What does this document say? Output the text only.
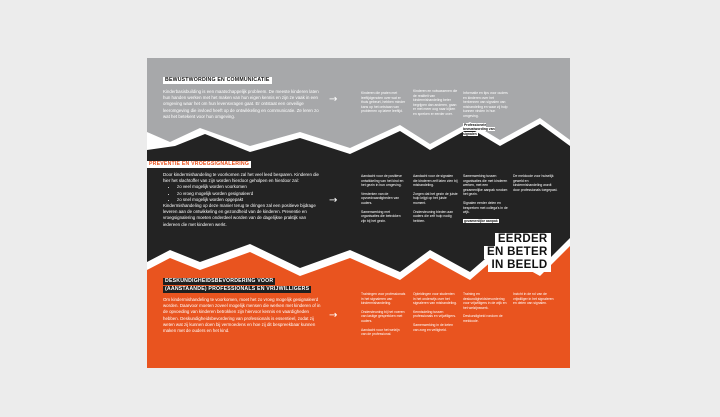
BEWUSTWORDING EN COMMUNICATIE

Kinderbasisbuilding is een maatschappelijk probleem. De meeste kinderen laten hun handen werken met het maken van hun eigen kennis en zijn ze vaak in een omgeving waar het om hun levensvragen gaat. Er ontstaat een onveilige leeromgeving die invloed heeft op de ontwikkeling en communicatie. Ze leren zo wat het betekent voor hun omgeving.

→
Kinderen die praten met leeftijdgenoten over wat er thuis gebeurt, hebben minder kans op het ontstaan van problemen op latere leeftijd.
Kinderen en volwassenen die de realiteit van kindermishandeling beter begrijpen dan anderen, gaan er met meer oog naar kijken en spreken er eerder over.
Informatie en tips voor ouders en kinderen over het herkennen van signalen van mishandeling en waar zij hulp kunnen vinden in hun omgeving.
Professionele bewustwording van signalen
PREVENTIE EN VROEGSIGNALERING

Door kindermishandeling te voorkomen zal het veel leed besparen. Kinderen die hier het slachtoffer van zijn worden hierdoor geholpen en hierdoor zal:

• zo veel mogelijk worden voorkomen
• zo vroeg mogelijk worden gesignaleerd
• zo snel mogelijk worden opgepakt

Kindermishandeling op deze manier terug te dringen zal een positieve bijdrage leveren aan de ontwikkeling en gezondheid van de kinderen. Preventie en vroegsignalering moeten onderdeel worden van de dagelijkse praktijk van iedereen die met kinderen werkt.

→
Aandacht voor de positieve ontwikkeling van het kind en het gezin in hun omgeving.
Versterken van de opvoedvaardigheden van ouders.
Samenwerking met organisaties die betrokken zijn bij het gezin.
Aandacht voor de signalen die kinderen zelf laten zien bij mishandeling.
Zorgen dat het gezin de juiste hulp krijgt op het juiste moment.
Ondersteuning bieden aan ouders die zelf hulp nodig hebben.
Samenwerking tussen organisaties die met kinderen werken, met een gezamenlijke aanpak rondom het gezin.
Signalen eerder delen en bespreken met collega's in de wijk.
gezamenlijke aanpak
De meldcode voor huiselijk geweld en kindermishandeling wordt door professionals toegepast.
EERDER
EN BETER
IN BEELD
DESKUNDIGHEIDSBEVORDERING VOOR
(AANSTAANDE) PROFESSIONALS EN VRIJWILLIGERS

Om kindermishandeling te voorkomen, moet het zo vroeg mogelijk gesignaleerd worden. Daarvoor moeten zoveel mogelijk mensen die werken met kinderen of in de opvoeding van kinderen betrokken zijn hiervoor kennis en vaardigheden hebben. Deskundigheidsbevordering van professionals is essentieel, zodat zij weten wat zij kunnen doen bij vermoedens en hoe zij dit bespreekbaar kunnen maken met de ouders en het kind.

→
Trainingen voor professionals in het signaleren van kindermishandeling.
Ondersteuning bij het voeren van lastige gesprekken met ouders.
Aandacht voor het welzijn van de professional.
Opleidingen voor studenten in het onderwijs over het signaleren van mishandeling.
Kennisdeling tussen professionals en vrijwilligers.
Samenwerking in de keten van zorg en veiligheid.
Training en deskundigheidsbevordering voor vrijwilligers in de wijk en het welzijnswerk.
Deskundigheid rondom de meldcode.
Inzicht in de rol van de vrijwilliger in het signaleren en delen van signalen.
